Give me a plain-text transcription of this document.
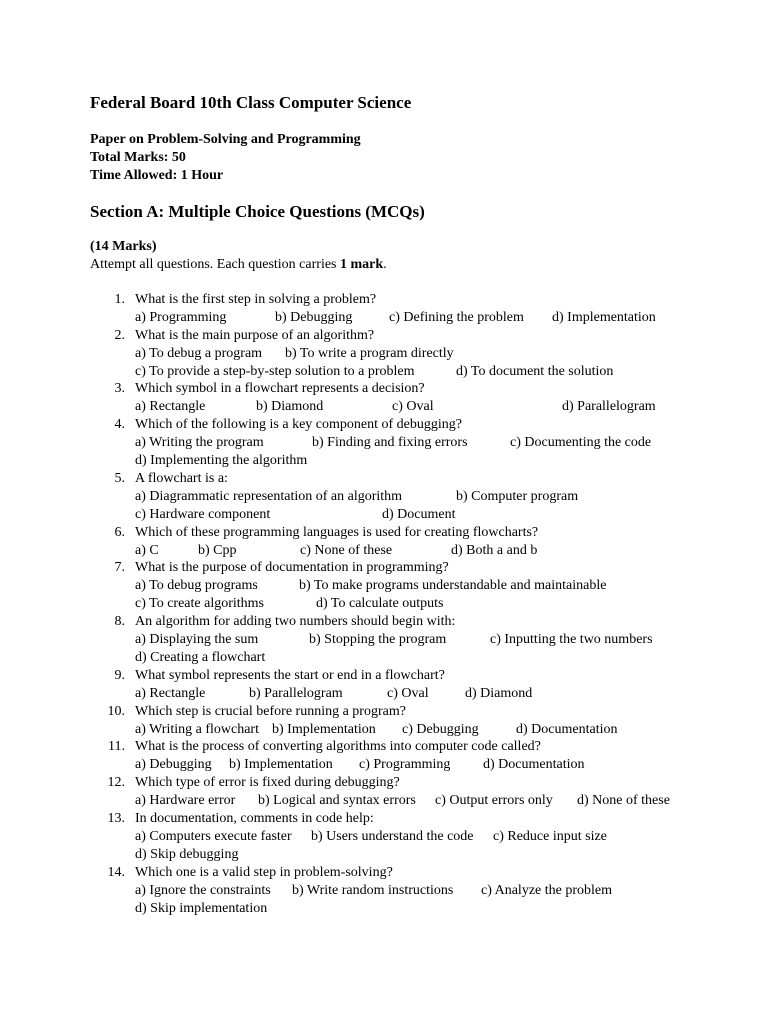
Federal Board 10th Class Computer Science
Paper on Problem-Solving and Programming
Total Marks: 50
Time Allowed: 1 Hour
Section A: Multiple Choice Questions (MCQs)
(14 Marks)
Attempt all questions. Each question carries 1 mark.
1. What is the first step in solving a problem?
a) Programming	b) Debugging	c) Defining the problem d) Implementation
2. What is the main purpose of an algorithm?
a) To debug a program b) To write a program directly
c) To provide a step-by-step solution to a problem	d) To document the solution
3. Which symbol in a flowchart represents a decision?
a) Rectangle	b) Diamond	c) Oval	d) Parallelogram
4. Which of the following is a key component of debugging?
a) Writing the program	b) Finding and fixing errors	c) Documenting the code
d) Implementing the algorithm
5. A flowchart is a:
a) Diagrammatic representation of an algorithm	b) Computer program
c) Hardware component	d) Document
6. Which of these programming languages is used for creating flowcharts?
a) C	b) Cpp	c) None of these	d) Both a and b
7. What is the purpose of documentation in programming?
a) To debug programs	b) To make programs understandable and maintainable
c) To create algorithms	d) To calculate outputs
8. An algorithm for adding two numbers should begin with:
a) Displaying the sum	b) Stopping the program	c) Inputting the two numbers
d) Creating a flowchart
9. What symbol represents the start or end in a flowchart?
a) Rectangle	b) Parallelogram	c) Oval	d) Diamond
10. Which step is crucial before running a program?
a) Writing a flowchart b) Implementation c) Debugging	d) Documentation
11. What is the process of converting algorithms into computer code called?
a) Debugging b) Implementation c) Programming d) Documentation
12. Which type of error is fixed during debugging?
a) Hardware error b) Logical and syntax errors c) Output errors only d) None of these
13. In documentation, comments in code help:
a) Computers execute faster b) Users understand the code c) Reduce input size
d) Skip debugging
14. Which one is a valid step in problem-solving?
a) Ignore the constraints b) Write random instructions c) Analyze the problem
d) Skip implementation
